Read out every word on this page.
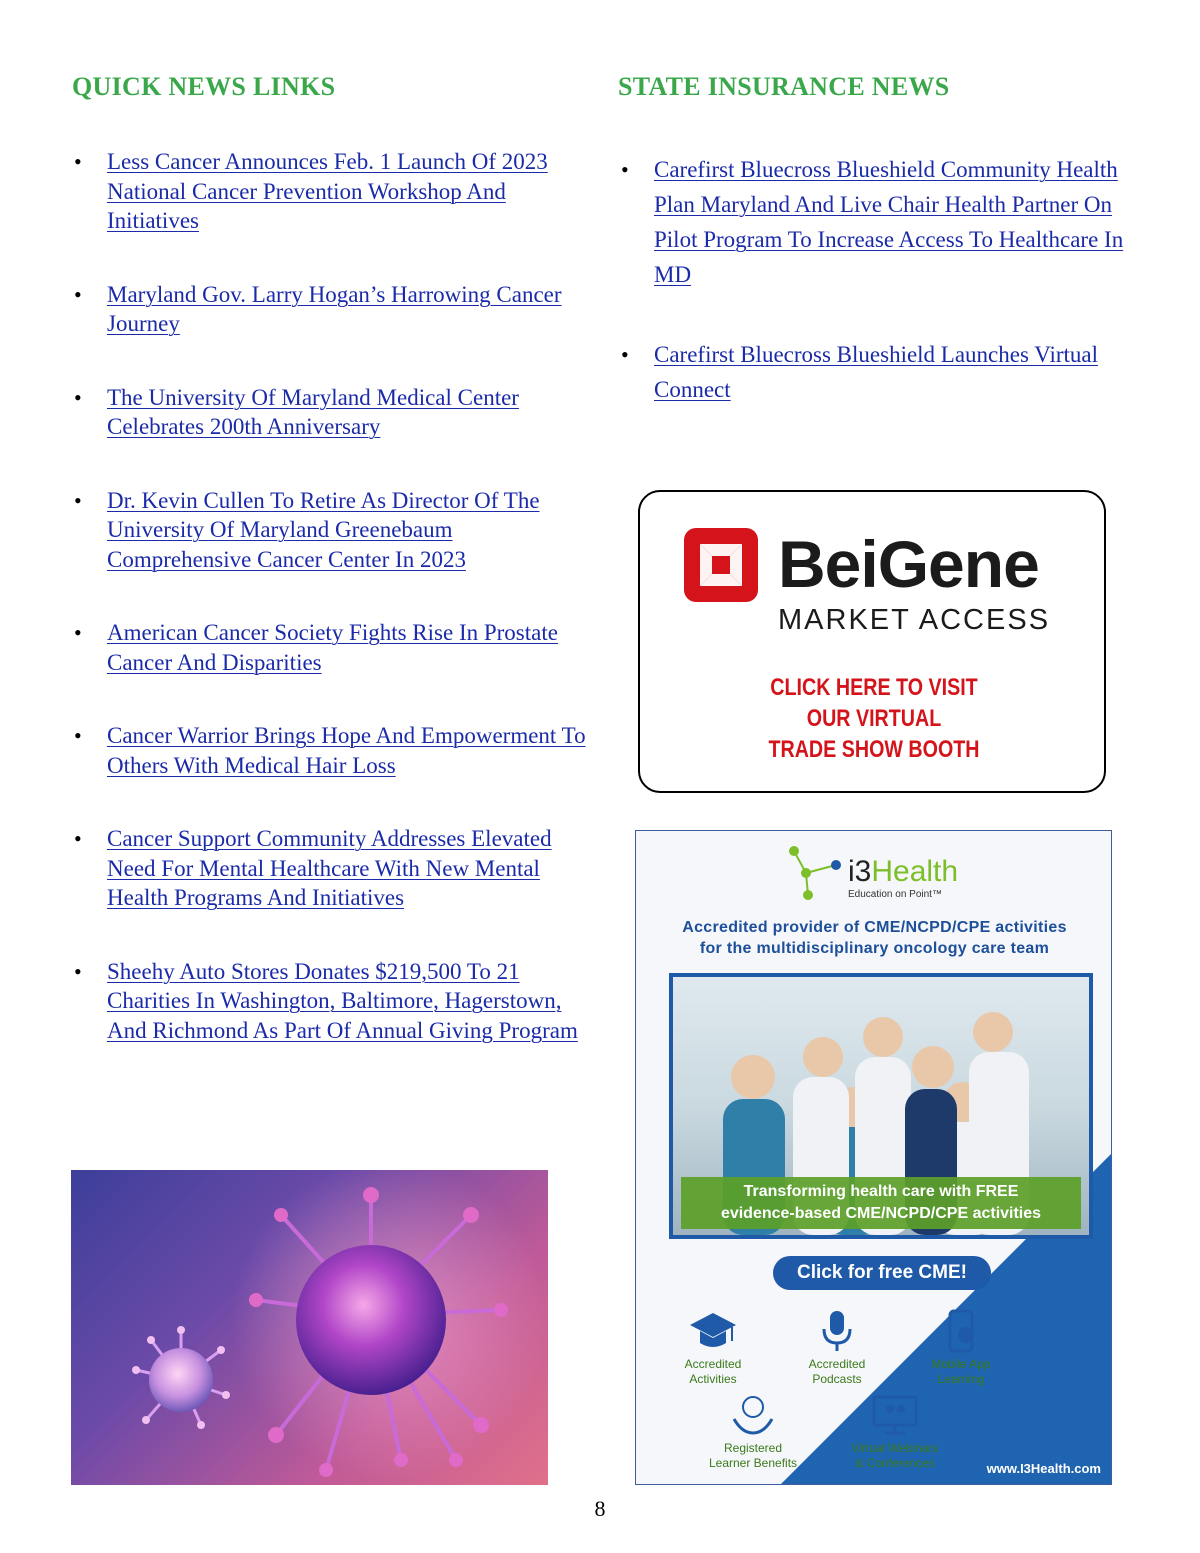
QUICK NEWS LINKS	STATE INSURANCE NEWS
• Less Cancer Announces Feb. 1 Launch Of 2023 National Cancer Prevention Workshop And Initiatives
• Maryland Gov. Larry Hogan’s Harrowing Cancer Journey
• The University Of Maryland Medical Center Celebrates 200th Anniversary
• Dr. Kevin Cullen To Retire As Director Of The University Of Maryland Greenebaum Comprehensive Cancer Center In 2023
• American Cancer Society Fights Rise In Prostate Cancer And Disparities
• Cancer Warrior Brings Hope And Empowerment To Others With Medical Hair Loss
• Cancer Support Community Addresses Elevated Need For Mental Healthcare With New Mental Health Programs And Initiatives
• Sheehy Auto Stores Donates $219,500 To 21 Charities In Washington, Baltimore, Hagerstown, And Richmond As Part Of Annual Giving Program
• Carefirst Bluecross Blueshield Community Health Plan Maryland And Live Chair Health Partner On Pilot Program To Increase Access To Healthcare In MD
• Carefirst Bluecross Blueshield Launches Virtual Connect
BeiGene
MARKET ACCESS
CLICK HERE TO VISIT
OUR VIRTUAL
TRADE SHOW BOOTH
i3Health
Education on Point™
Accredited provider of CME/NCPD/CPE activities
for the multidisciplinary oncology care team
Transforming health care with FREE
evidence-based CME/NCPD/CPE activities
Click for free CME!
Accredited
Activities
Accredited
Podcasts
Mobile App
Learning
Registered
Learner Benefits
Virtual Webinars
& Conferences	www.I3Health.com
8
